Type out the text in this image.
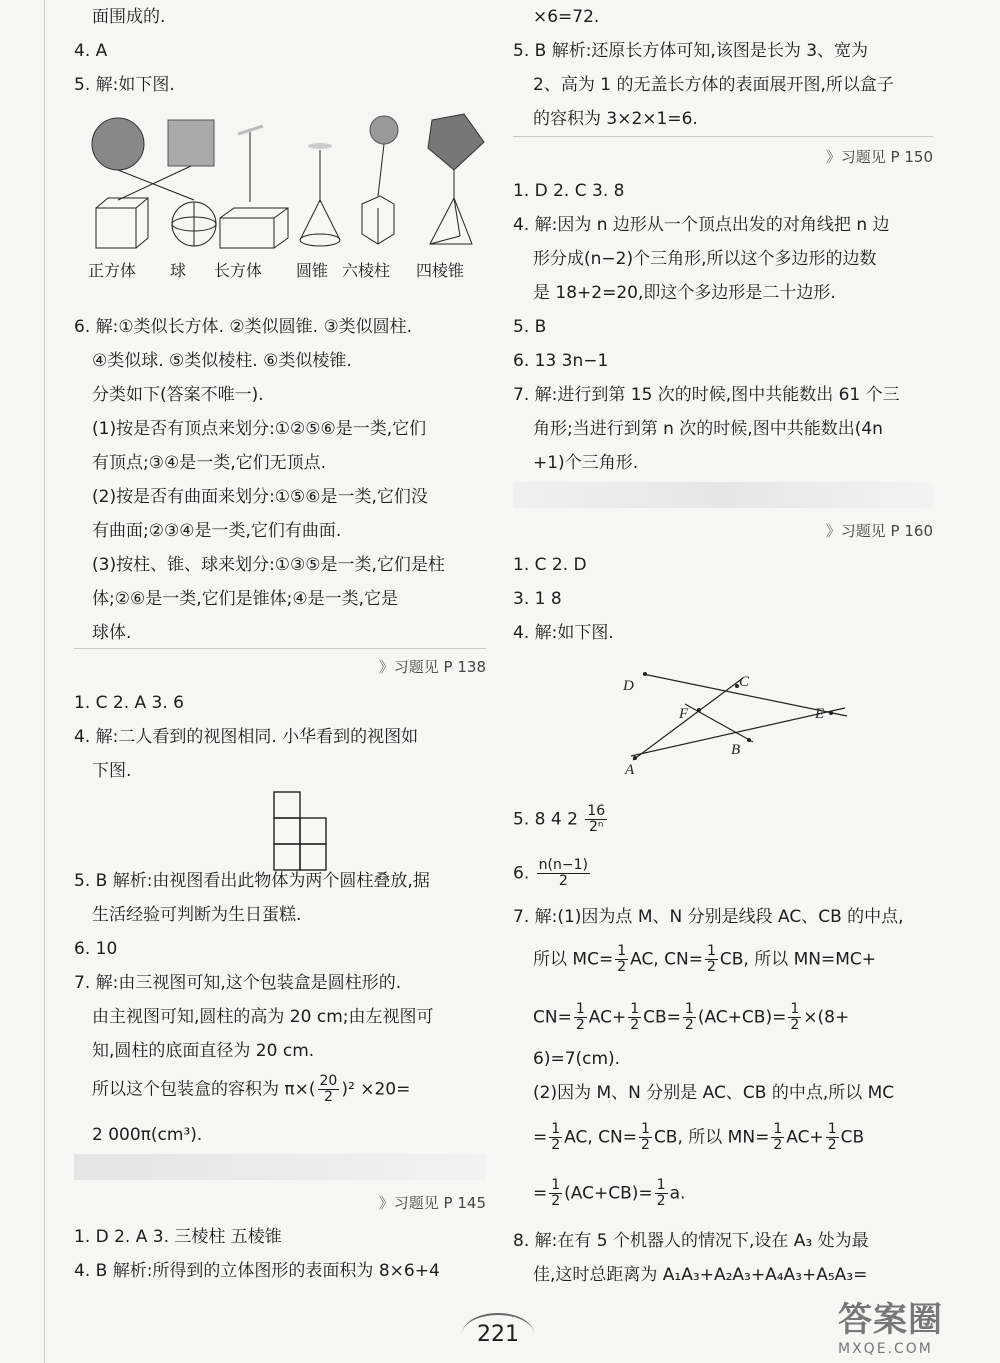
面围成的.
4. A
5. 解:如下图.
正方体 球 长方体 圆锥 六棱柱 四棱锥
6. 解:①类似长方体. ②类似圆锥. ③类似圆柱.
④类似球. ⑤类似棱柱. ⑥类似棱锥.
分类如下(答案不唯一).
(1)按是否有顶点来划分:①②⑤⑥是一类,它们
有顶点;③④是一类,它们无顶点.
(2)按是否有曲面来划分:①⑤⑥是一类,它们没
有曲面;②③④是一类,它们有曲面.
(3)按柱、锥、球来划分:①③⑤是一类,它们是柱
体;②⑥是一类,它们是锥体;④是一类,它是
球体.
》习题见 P 138
1. C 2. A 3. 6
4. 解:二人看到的视图相同. 小华看到的视图如
下图.
5. B 解析:由视图看出此物体为两个圆柱叠放,据
生活经验可判断为生日蛋糕.
6. 10
7. 解:由三视图可知,这个包装盒是圆柱形的.
由主视图可知,圆柱的高为 20 cm;由左视图可
知,圆柱的底面直径为 20 cm.
所以这个包装盒的容积为 $\pi\times( \frac{20}{2} )^2 \times 20=$
2 000π(cm³).
》习题见 P 145
1. D 2. A 3. 三棱柱 五棱锥
4. B 解析:所得到的立体图形的表面积为 8×6+4
×6=72.
5. B 解析:还原长方体可知,该图是长为 3、宽为
2、高为 1 的无盖长方体的表面展开图,所以盒子
的容积为 3×2×1=6.
》习题见 P 150
1. D 2. C 3. 8
4. 解:因为 n 边形从一个顶点出发的对角线把 n 边
形分成(n−2)个三角形,所以这个多边形的边数
是 18+2=20,即这个多边形是二十边形.
5. B
6. 13 3n−1
7. 解:进行到第 15 次的时候,图中共能数出 61 个三
角形;当进行到第 n 次的时候,图中共能数出(4n
+1)个三角形.
》习题见 P 160
1. C 2. D
3. 1 8
4. 解:如下图.
D	C
F	E
B
A
5. 8 4 $2 \frac{16}{\text{2ⁿ}}$
6. $\frac{n(n-1)}{2}$
7. 解:(1)因为点 M、N 分别是线段 AC、CB 的中点,
所以 $MC= \frac{1}{2}$ AC, $CN= \frac{1}{2}$ CB, 所以 MN=MC+
$CN= \frac{1}{2} AC+ \frac{1}{2} CB= \frac{1}{2} (AC+CB)= \frac{1}{2} \times(8+$
6)=7(cm).
(2)因为 M、N 分别是 AC、CB 的中点,所以 MC
= $\frac{1}{2}$ AC, $CN= \frac{1}{2}$ CB, 所以 $MN= \frac{1}{2} AC+ \frac{1}{2}$ CB
= $\frac{1}{2} (AC+CB)= \frac{1}{2} a$.
8. 解:在有 5 个机器人的情况下,设在 A₃ 处为最
佳,这时总距离为 A₁A₃+A₂A₃+A₄A₃+A₅A₃=
221	答案圈
MXQE.COM
